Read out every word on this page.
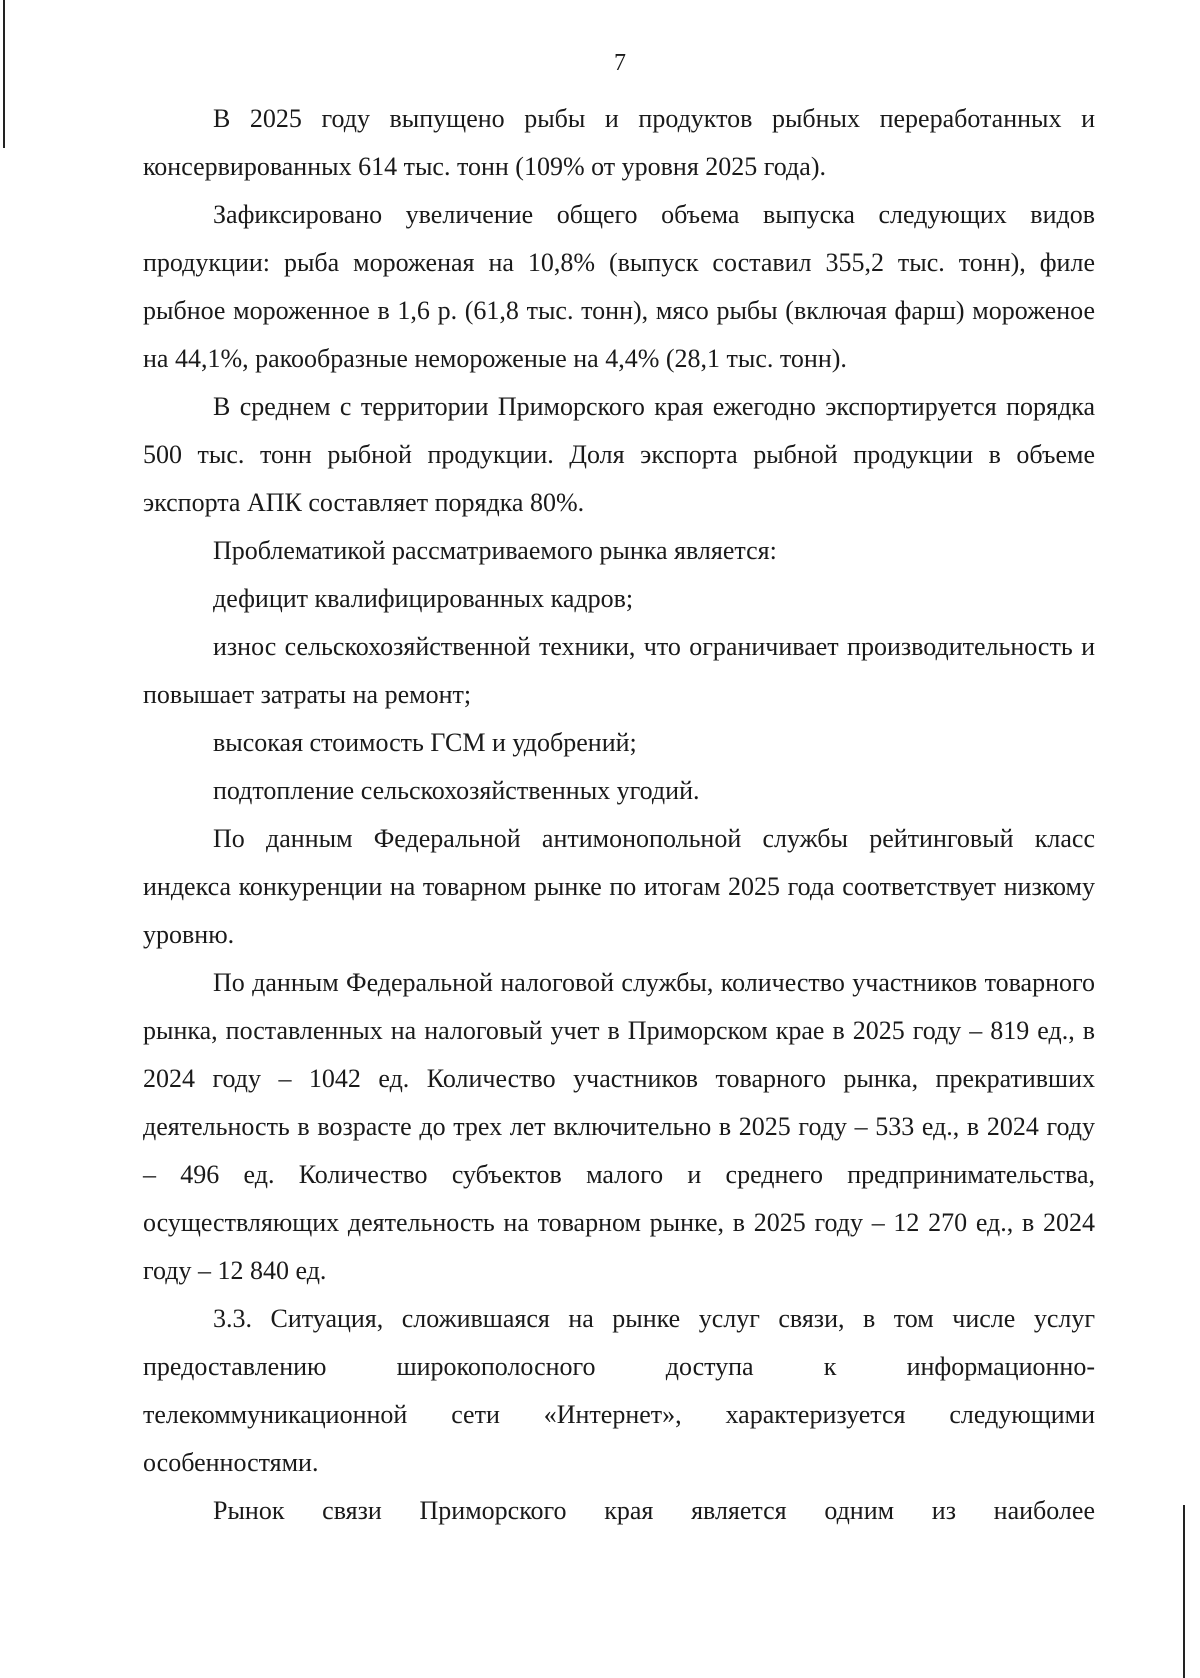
7

В 2025 году выпущено рыбы и продуктов рыбных переработанных и консервированных 614 тыс. тонн (109% от уровня 2025 года).

Зафиксировано увеличение общего объема выпуска следующих видов продукции: рыба мороженая на 10,8% (выпуск составил 355,2 тыс. тонн), филе рыбное мороженное в 1,6 р. (61,8 тыс. тонн), мясо рыбы (включая фарш) мороженое на 44,1%, ракообразные немороженые на 4,4% (28,1 тыс. тонн).

В среднем с территории Приморского края ежегодно экспортируется порядка 500 тыс. тонн рыбной продукции. Доля экспорта рыбной продукции в объеме экспорта АПК составляет порядка 80%.

Проблематикой рассматриваемого рынка является:

дефицит квалифицированных кадров;

износ сельскохозяйственной техники, что ограничивает производительность и повышает затраты на ремонт;

высокая стоимость ГСМ и удобрений;

подтопление сельскохозяйственных угодий.

По данным Федеральной антимонопольной службы рейтинговый класс индекса конкуренции на товарном рынке по итогам 2025 года соответствует низкому уровню.

По данным Федеральной налоговой службы, количество участников товарного рынка, поставленных на налоговый учет в Приморском крае в 2025 году – 819 ед., в 2024 году – 1042 ед. Количество участников товарного рынка, прекративших деятельность в возрасте до трех лет включительно в 2025 году – 533 ед., в 2024 году – 496 ед. Количество субъектов малого и среднего предпринимательства, осуществляющих деятельность на товарном рынке, в 2025 году – 12 270 ед., в 2024 году – 12 840 ед.

3.3. Ситуация, сложившаяся на рынке услуг связи, в том числе услуг предоставлению широкополосного доступа к информационно-телекоммуникационной сети «Интернет», характеризуется следующими особенностями.

Рынок связи Приморского края является одним из наиболее
